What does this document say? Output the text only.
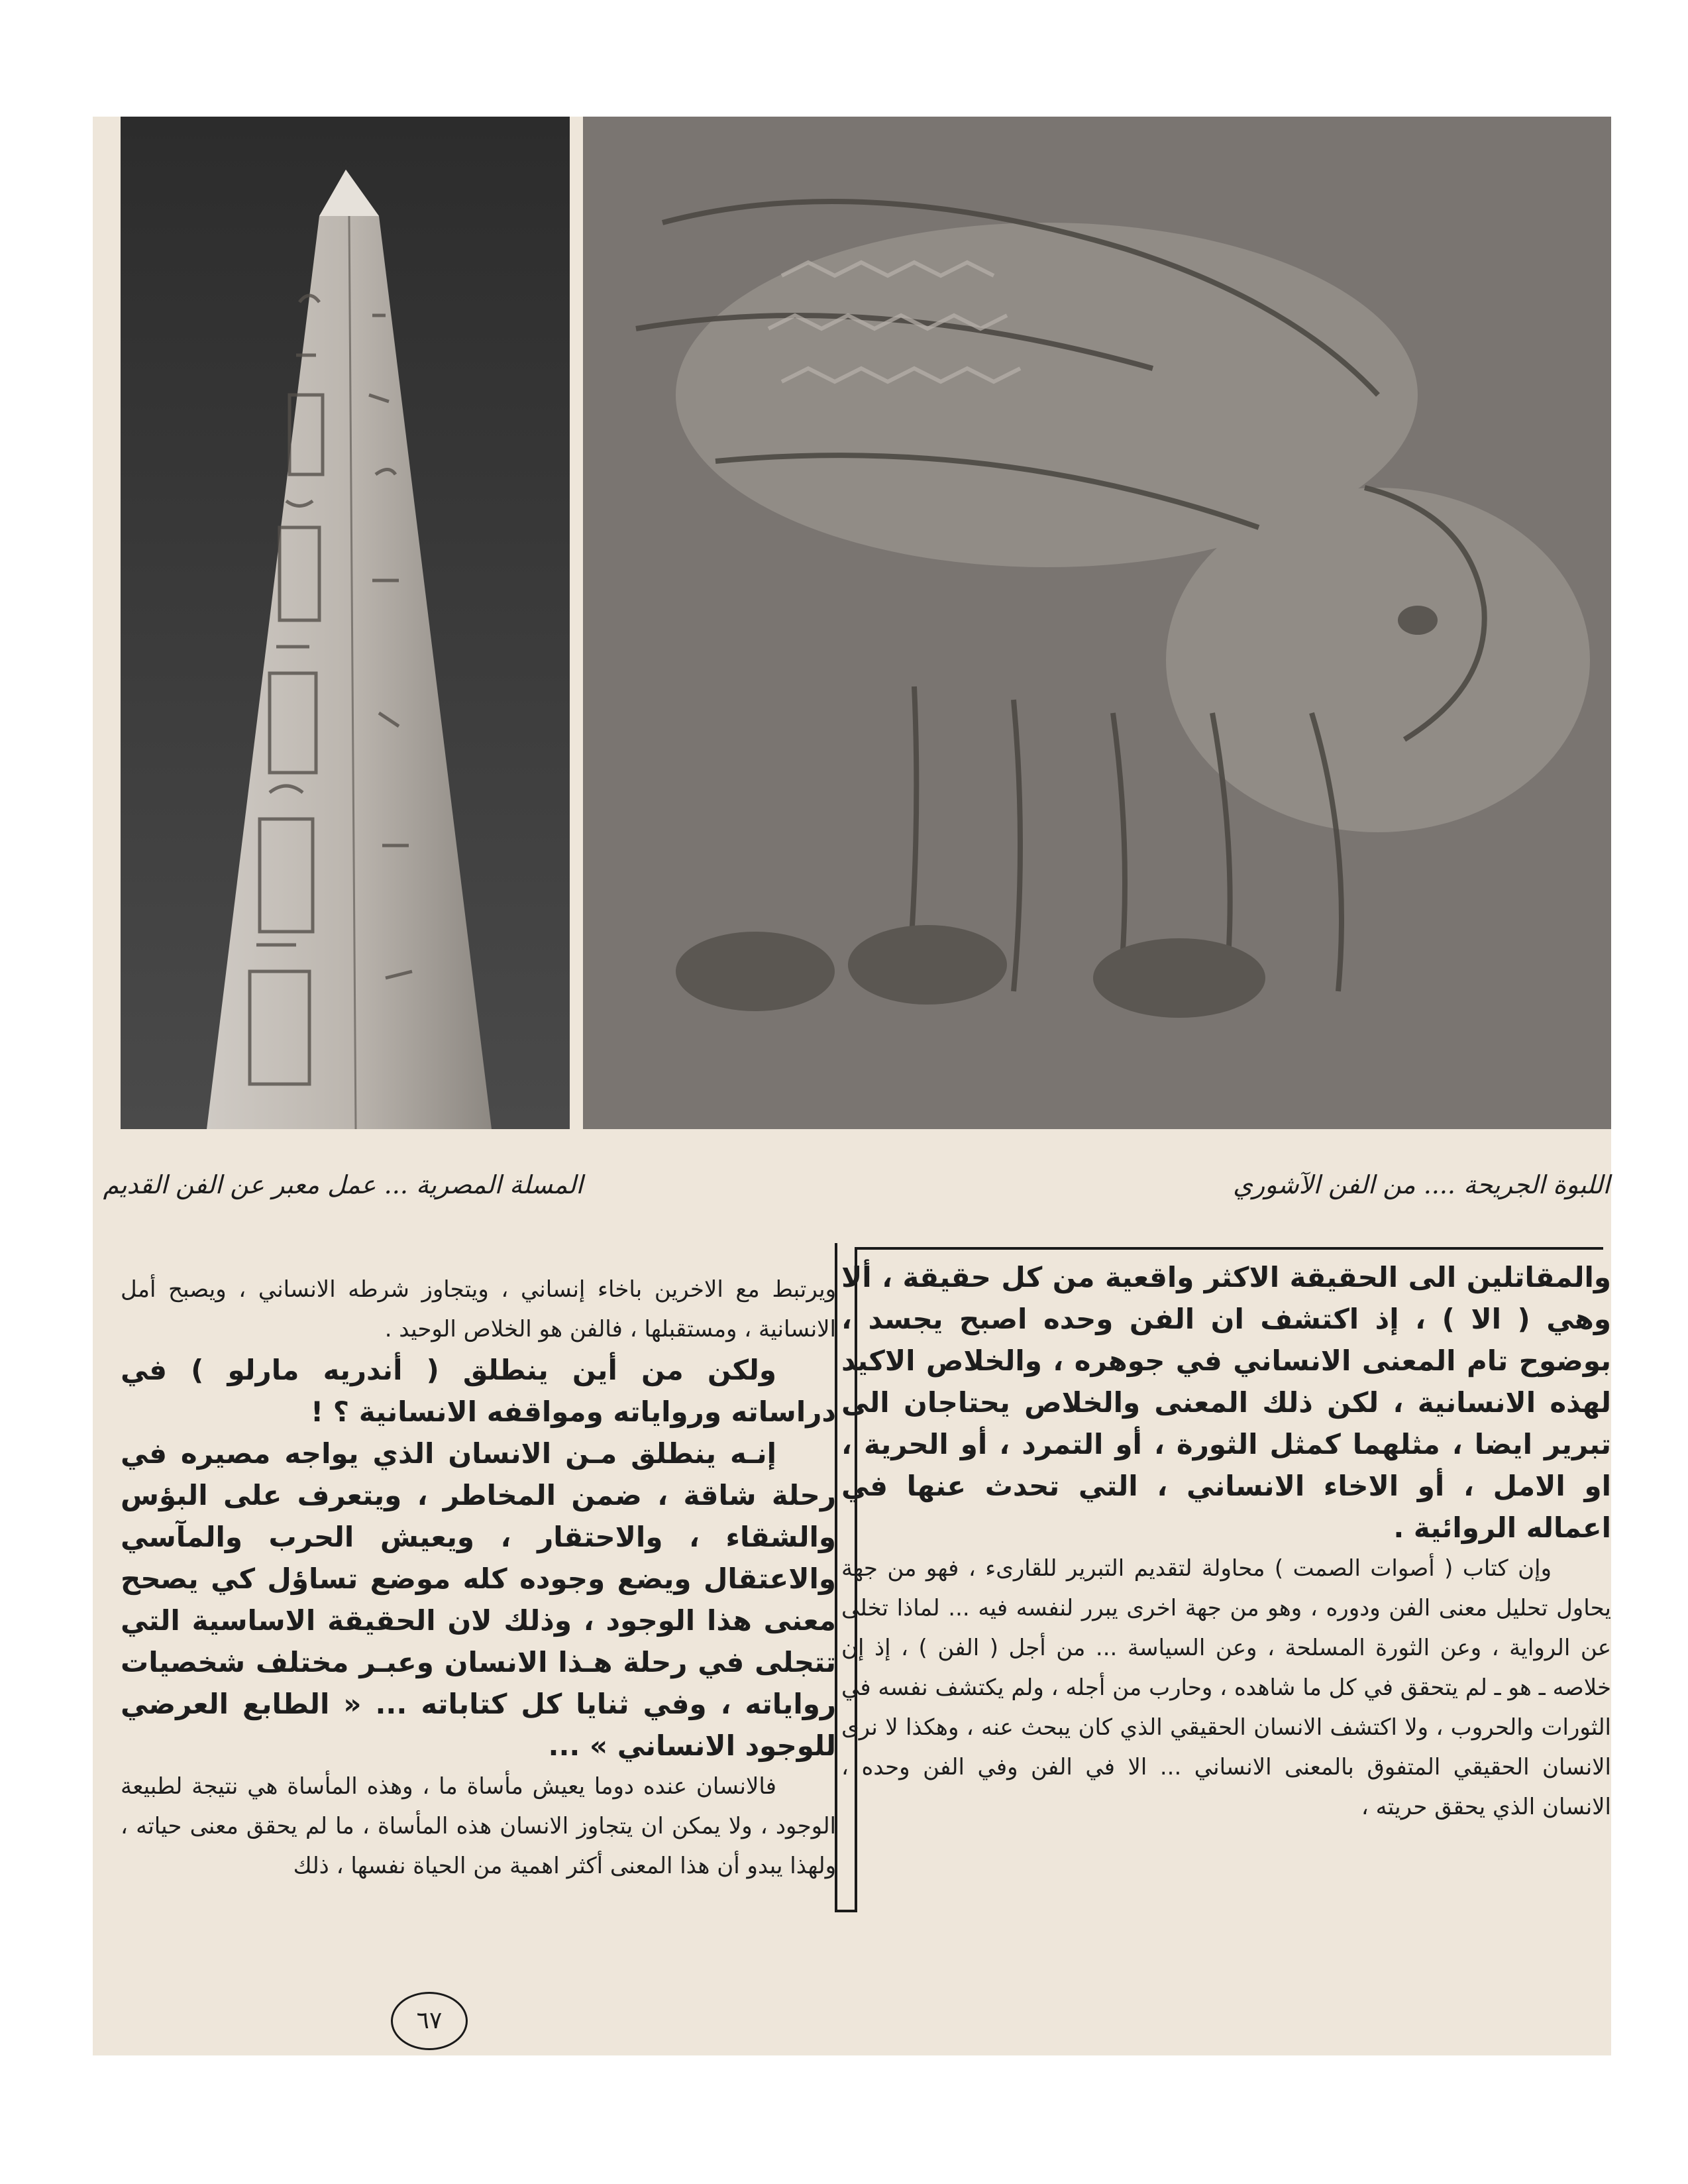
المسلة المصرية ... عمل معبر عن الفن القديم	اللبوة الجريحة .... من الفن الآشوري

والمقاتلين الى الحقيقة الاكثر واقعية من كل حقيقة ، ألا وهي ( الا ) ، إذ اكتشف ان الفن وحده اصبح يجسد ، بوضوح تام المعنى الانساني في جوهره ، والخلاص الاكيد لهذه الانسانية ، لكن ذلك المعنى والخلاص يحتاجان الى تبرير ايضا ، مثلهما كمثل الثورة ، أو التمرد ، أو الحرية ، او الامل ، أو الاخاء الانساني ، التي تحدث عنها في اعماله الروائية .

وإن كتاب ( أصوات الصمت ) محاولة لتقديم التبرير للقارىء ، فهو من جهة يحاول تحليل معنى الفن ودوره ، وهو من جهة اخرى يبرر لنفسه فيه ... لماذا تخلى عن الرواية ، وعن الثورة المسلحة ، وعن السياسة ... من أجل ( الفن ) ، إذ إن خلاصه ـ هو ـ لم يتحقق في كل ما شاهده ، وحارب من أجله ، ولم يكتشف نفسه في الثورات والحروب ، ولا اكتشف الانسان الحقيقي الذي كان يبحث عنه ، وهكذا لا نرى الانسان الحقيقي المتفوق بالمعنى الانساني ... الا في الفن وفي الفن وحده ، الانسان الذي يحقق حريته ،

ويرتبط مع الاخرين باخاء إنساني ، ويتجاوز شرطه الانساني ، ويصبح أمل الانسانية ، ومستقبلها ، فالفن هو الخلاص الوحيد .

ولكن من أين ينطلق ( أندريه مارلو ) في دراساته ورواياته ومواقفه الانسانية ؟ !

إنـه ينطلق مـن الانسان الذي يواجه مصيره في رحلة شاقة ، ضمن المخاطر ، ويتعرف على البؤس والشقاء ، والاحتقار ، ويعيش الحرب والمآسي والاعتقال ويضع وجوده كله موضع تساؤل كي يصحح معنى هذا الوجود ، وذلك لان الحقيقة الاساسية التي تتجلى في رحلة هـذا الانسان وعبـر مختلف شخصيات رواياته ، وفي ثنايا كل كتاباته ... « الطابع العرضي للوجود الانساني » ...

فالانسان عنده دوما يعيش مأساة ما ، وهذه المأساة هي نتيجة لطبيعة الوجود ، ولا يمكن ان يتجاوز الانسان هذه المأساة ، ما لم يحقق معنى حياته ، ولهذا يبدو أن هذا المعنى أكثر اهمية من الحياة نفسها ، ذلك

٦٧
